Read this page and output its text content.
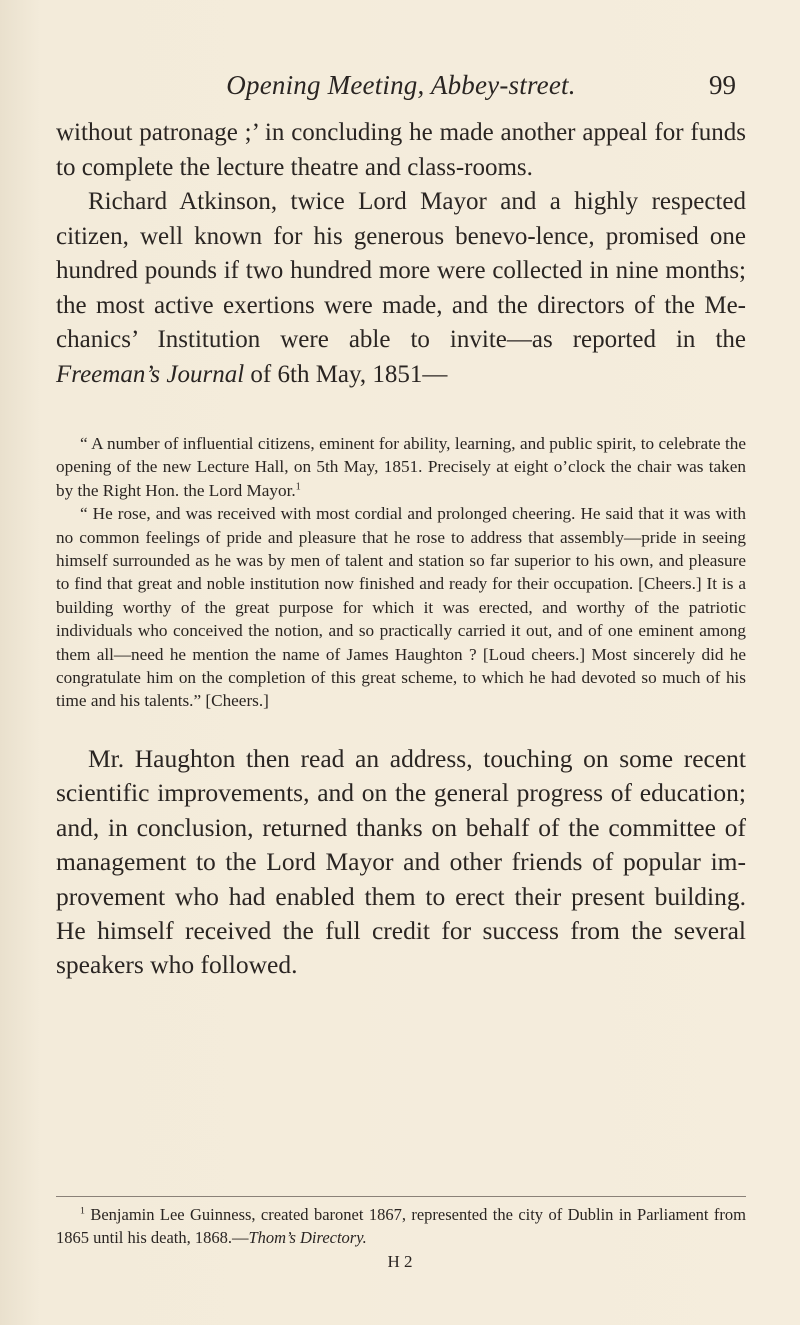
Opening Meeting, Abbey-street.	99

without patronage ;’ in concluding he made another appeal for funds to complete the lecture theatre and class-rooms.

Richard Atkinson, twice Lord Mayor and a highly respected citizen, well known for his generous benevo-lence, promised one hundred pounds if two hundred more were collected in nine months; the most active exertions were made, and the directors of the Me-chanics’ Institution were able to invite—as reported in the Freeman’s Journal of 6th May, 1851—

“ A number of influential citizens, eminent for ability, learning, and public spirit, to celebrate the opening of the new Lecture Hall, on 5th May, 1851. Precisely at eight o’clock the chair was taken by the Right Hon. the Lord Mayor.$^1$

“ He rose, and was received with most cordial and prolonged cheering. He said that it was with no common feelings of pride and pleasure that he rose to address that assembly—pride in seeing himself surrounded as he was by men of talent and station so far superior to his own, and pleasure to find that great and noble institution now finished and ready for their occupation. [Cheers.] It is a building worthy of the great purpose for which it was erected, and worthy of the patriotic individuals who conceived the notion, and so practically carried it out, and of one eminent among them all—need he mention the name of James Haughton ? [Loud cheers.] Most sincerely did he congratulate him on the completion of this great scheme, to which he had devoted so much of his time and his talents.” [Cheers.]

Mr. Haughton then read an address, touching on some recent scientific improvements, and on the general progress of education; and, in conclusion, returned thanks on behalf of the committee of management to the Lord Mayor and other friends of popular im-provement who had enabled them to erect their present building. He himself received the full credit for success from the several speakers who followed.

$^1$ Benjamin Lee Guinness, created baronet 1867, represented the city of Dublin in Parliament from 1865 until his death, 1868.—Thom’s Directory.

H 2
